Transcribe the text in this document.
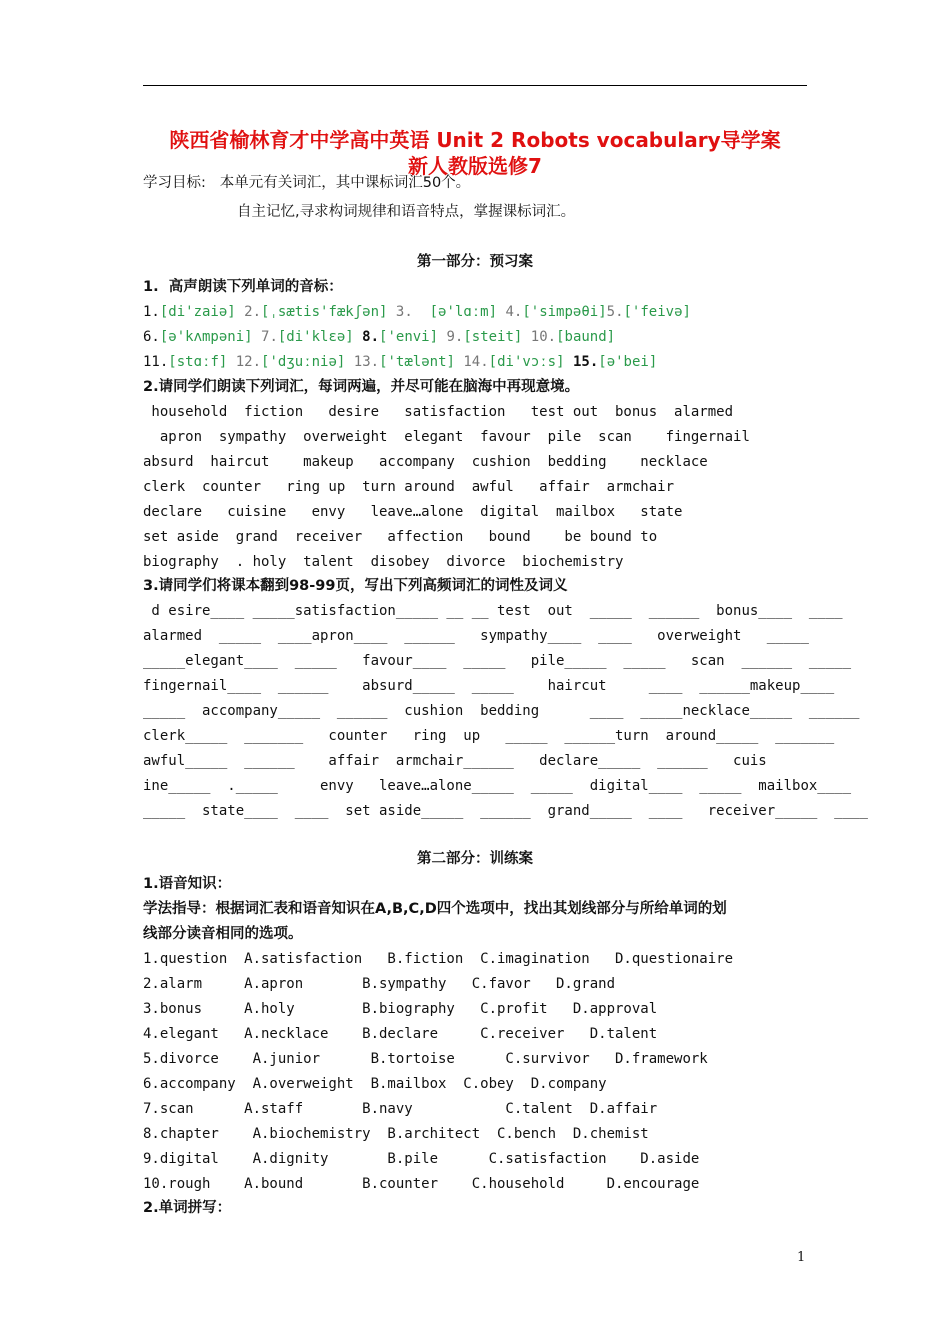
陕西省榆林育才中学高中英语 Unit 2 Robots vocabulary导学案
新人教版选修7
学习目标: 本单元有关词汇，其中课标词汇50个。
自主记忆,寻求构词规律和语音特点，掌握课标词汇。
第一部分：预习案
1.  高声朗读下列单词的音标：
1.[di'zaiə] 2.[ˌsætis'fækʃən] 3. [ə'lɑːm] 4.['simpəθi]5.['feivə]
6.[ə'kʌmpəni] 7.[di'klɛə] 8.['envi] 9.[steit] 10.[baund]
11.[stɑːf] 12.['dʒuːniə] 13.['tælənt] 14.[di'vɔːs] 15.[ə'bei]
2.请同学们朗读下列词汇，每词两遍，并尽可能在脑海中再现意境。
household  fiction   desire   satisfaction   test out  bonus  alarmed
apron  sympathy  overweight  elegant  favour  pile  scan    fingernail
absurd  haircut    makeup   accompany  cushion  bedding    necklace
clerk  counter   ring up  turn around  awful   affair  armchair
declare   cuisine   envy   leave…alone  digital  mailbox   state
set aside  grand  receiver   affection   bound    be bound to
biography  . holy  talent  disobey  divorce  biochemistry
3.请同学们将课本翻到98-99页，写出下列高频词汇的词性及词义
d esire____ _____satisfaction_____ __ __ test  out  _____  ______  bonus____  ____
alarmed  _____  ____apron____  ______   sympathy____  ____   overweight   _____
_____elegant____  _____   favour____  _____   pile_____  _____   scan  ______  _____
fingernail____  ______    absurd_____  _____    haircut     ____  ______makeup____
_____  accompany_____  ______  cushion  bedding      ____  _____necklace_____  ______
clerk_____  _______   counter   ring  up   _____  ______turn  around_____  _______
awful_____  ______    affair  armchair______   declare_____  ______   cuis
ine_____  ._____     envy   leave…alone_____  _____  digital____  _____  mailbox____
_____  state____  ____  set aside_____  ______  grand_____  ____   receiver_____  ____
第二部分：训练案
1.语音知识：
学法指导：根据词汇表和语音知识在A,B,C,D四个选项中，找出其划线部分与所给单词的划
线部分读音相同的选项。
1.question  A.satisfaction   B.fiction  C.imagination   D.questionaire
2.alarm     A.apron       B.sympathy   C.favor   D.grand
3.bonus     A.holy        B.biography   C.profit   D.approval
4.elegant   A.necklace    B.declare     C.receiver   D.talent
5.divorce    A.junior      B.tortoise      C.survivor   D.framework
6.accompany  A.overweight  B.mailbox  C.obey  D.company
7.scan      A.staff       B.navy           C.talent  D.affair
8.chapter    A.biochemistry  B.architect  C.bench  D.chemist
9.digital    A.dignity       B.pile      C.satisfaction    D.aside
10.rough    A.bound       B.counter    C.household     D.encourage
2.单词拼写：
1
